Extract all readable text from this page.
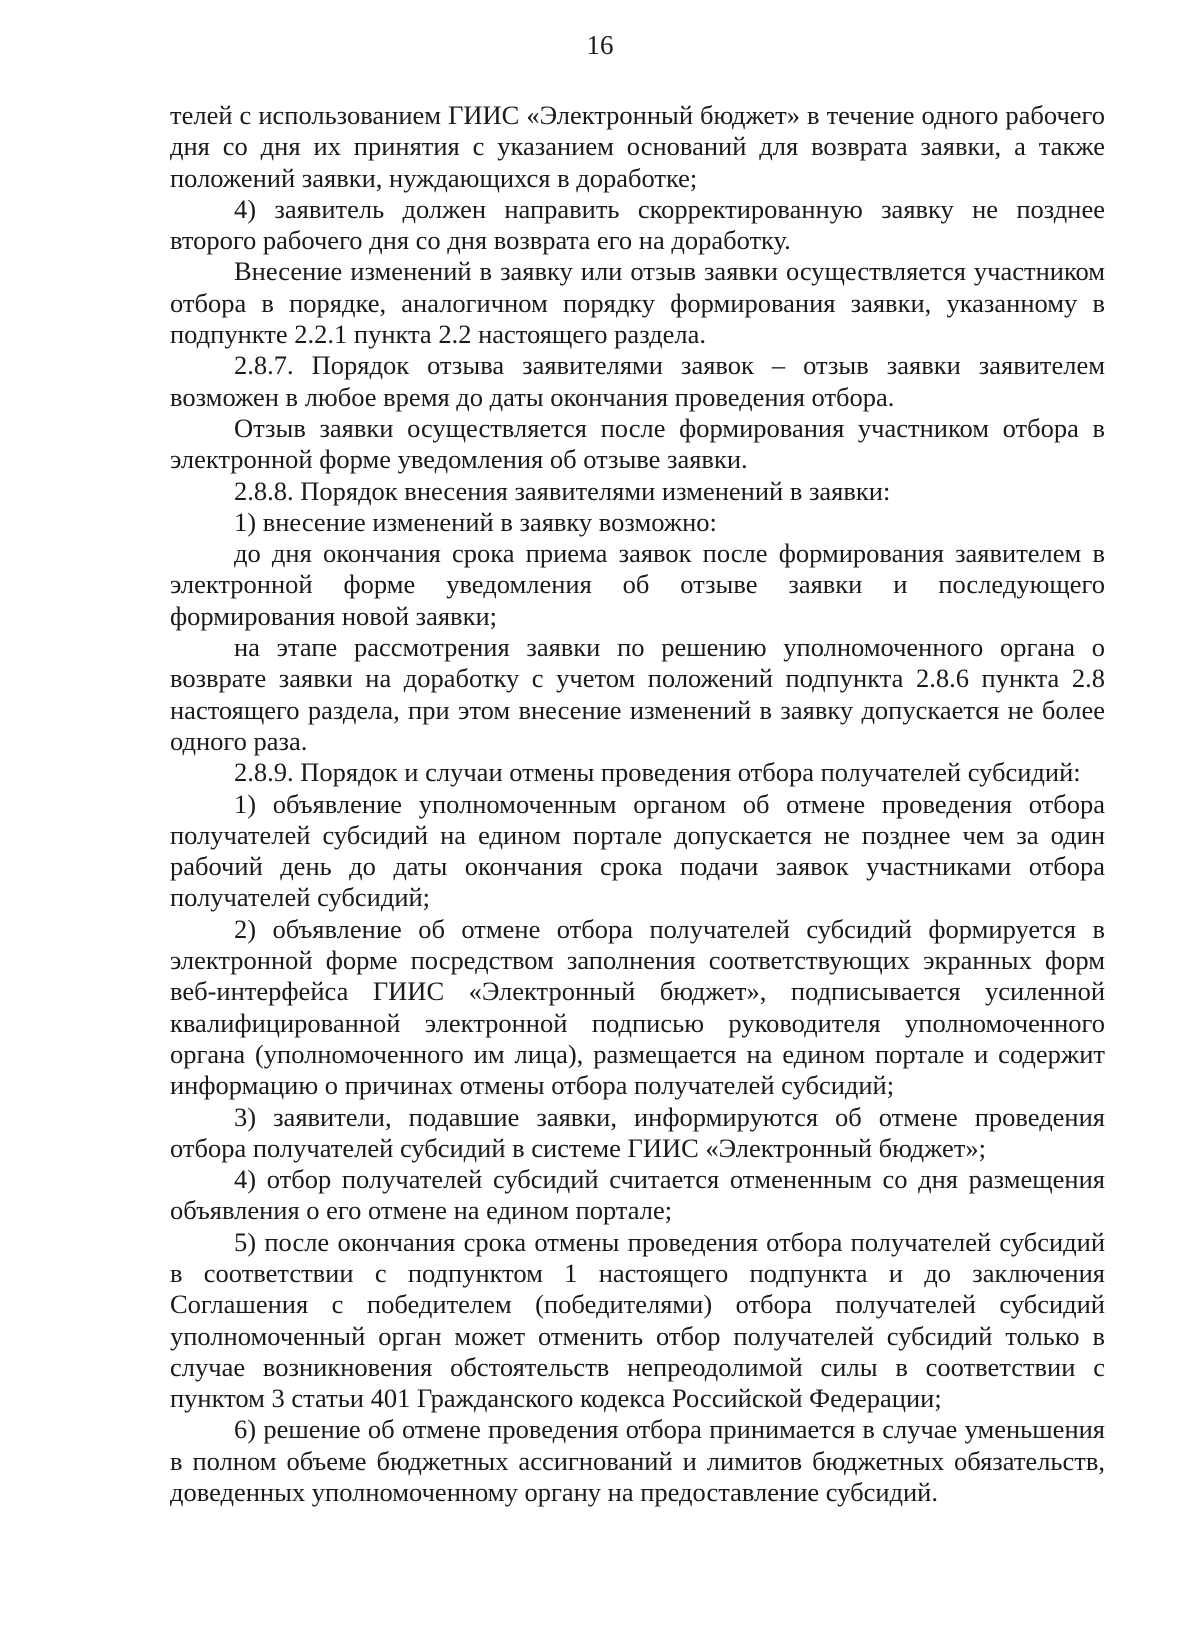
16

телей с использованием ГИИС «Электронный бюджет» в течение одного рабочего дня со дня их принятия с указанием оснований для возврата заявки, а также положений заявки, нуждающихся в доработке;

4) заявитель должен направить скорректированную заявку не позднее второго рабочего дня со дня возврата его на доработку.

Внесение изменений в заявку или отзыв заявки осуществляется участником отбора в порядке, аналогичном порядку формирования заявки, указанному в подпункте 2.2.1 пункта 2.2 настоящего раздела.

2.8.7. Порядок отзыва заявителями заявок – отзыв заявки заявителем возможен в любое время до даты окончания проведения отбора.

Отзыв заявки осуществляется после формирования участником отбора в электронной форме уведомления об отзыве заявки.

2.8.8. Порядок внесения заявителями изменений в заявки:

1) внесение изменений в заявку возможно:

до дня окончания срока приема заявок после формирования заявителем в электронной форме уведомления об отзыве заявки и последующего формирования новой заявки;

на этапе рассмотрения заявки по решению уполномоченного органа о возврате заявки на доработку с учетом положений подпункта 2.8.6 пункта 2.8 настоящего раздела, при этом внесение изменений в заявку допускается не более одного раза.

2.8.9. Порядок и случаи отмены проведения отбора получателей субсидий:

1) объявление уполномоченным органом об отмене проведения отбора получателей субсидий на едином портале допускается не позднее чем за один рабочий день до даты окончания срока подачи заявок участниками отбора получателей субсидий;

2) объявление об отмене отбора получателей субсидий формируется в электронной форме посредством заполнения соответствующих экранных форм веб-интерфейса ГИИС «Электронный бюджет», подписывается усиленной квалифицированной электронной подписью руководителя уполномоченного органа (уполномоченного им лица), размещается на едином портале и содержит информацию о причинах отмены отбора получателей субсидий;

3) заявители, подавшие заявки, информируются об отмене проведения отбора получателей субсидий в системе ГИИС «Электронный бюджет»;

4) отбор получателей субсидий считается отмененным со дня размещения объявления о его отмене на едином портале;

5) после окончания срока отмены проведения отбора получателей субсидий в соответствии с подпунктом 1 настоящего подпункта и до заключения Соглашения с победителем (победителями) отбора получателей субсидий уполномоченный орган может отменить отбор получателей субсидий только в случае возникновения обстоятельств непреодолимой силы в соответствии с пунктом 3 статьи 401 Гражданского кодекса Российской Федерации;

6) решение об отмене проведения отбора принимается в случае уменьшения в полном объеме бюджетных ассигнований и лимитов бюджетных обязательств, доведенных уполномоченному органу на предоставление субсидий.
